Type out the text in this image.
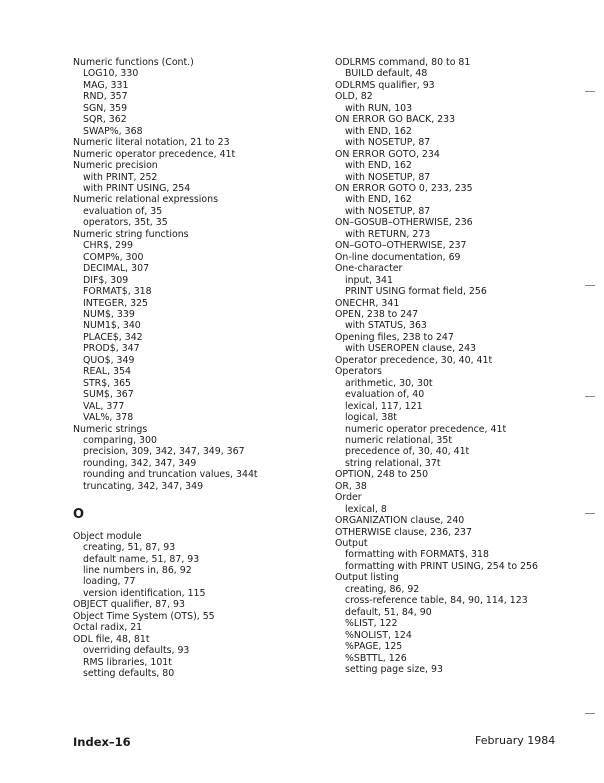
Numeric functions (Cont.)
LOG10, 330
MAG, 331
RND, 357
SGN, 359
SQR, 362
SWAP%, 368
Numeric literal notation, 21 to 23
Numeric operator precedence, 41t
Numeric precision
with PRINT, 252
with PRINT USING, 254
Numeric relational expressions
evaluation of, 35
operators, 35t, 35
Numeric string functions
CHR$, 299
COMP%, 300
DECIMAL, 307
DIF$, 309
FORMAT$, 318
INTEGER, 325
NUM$, 339
NUM1$, 340
PLACE$, 342
PROD$, 347
QUO$, 349
REAL, 354
STR$, 365
SUM$, 367
VAL, 377
VAL%, 378
Numeric strings
comparing, 300
precision, 309, 342, 347, 349, 367
rounding, 342, 347, 349
rounding and truncation values, 344t
truncating, 342, 347, 349
O
Object module
creating, 51, 87, 93
default name, 51, 87, 93
line numbers in, 86, 92
loading, 77
version identification, 115
OBJECT qualifier, 87, 93
Object Time System (OTS), 55
Octal radix, 21
ODL file, 48, 81t
overriding defaults, 93
RMS libraries, 101t
setting defaults, 80
ODLRMS command, 80 to 81
BUILD default, 48
ODLRMS qualifier, 93
OLD, 82
with RUN, 103
ON ERROR GO BACK, 233
with END, 162
with NOSETUP, 87
ON ERROR GOTO, 234
with END, 162
with NOSETUP, 87
ON ERROR GOTO 0, 233, 235
with END, 162
with NOSETUP, 87
ON–GOSUB–OTHERWISE, 236
with RETURN, 273
ON–GOTO–OTHERWISE, 237
On-line documentation, 69
One-character
input, 341
PRINT USING format field, 256
ONECHR, 341
OPEN, 238 to 247
with STATUS, 363
Opening files, 238 to 247
with USEROPEN clause, 243
Operator precedence, 30, 40, 41t
Operators
arithmetic, 30, 30t
evaluation of, 40
lexical, 117, 121
logical, 38t
numeric operator precedence, 41t
numeric relational, 35t
precedence of, 30, 40, 41t
string relational, 37t
OPTION, 248 to 250
OR, 38
Order
lexical, 8
ORGANIZATION clause, 240
OTHERWISE clause, 236, 237
Output
formatting with FORMAT$, 318
formatting with PRINT USING, 254 to 256
Output listing
creating, 86, 92
cross-reference table, 84, 90, 114, 123
default, 51, 84, 90
%LIST, 122
%NOLIST, 124
%PAGE, 125
%SBTTL, 126
setting page size, 93
Index–16	February 1984
